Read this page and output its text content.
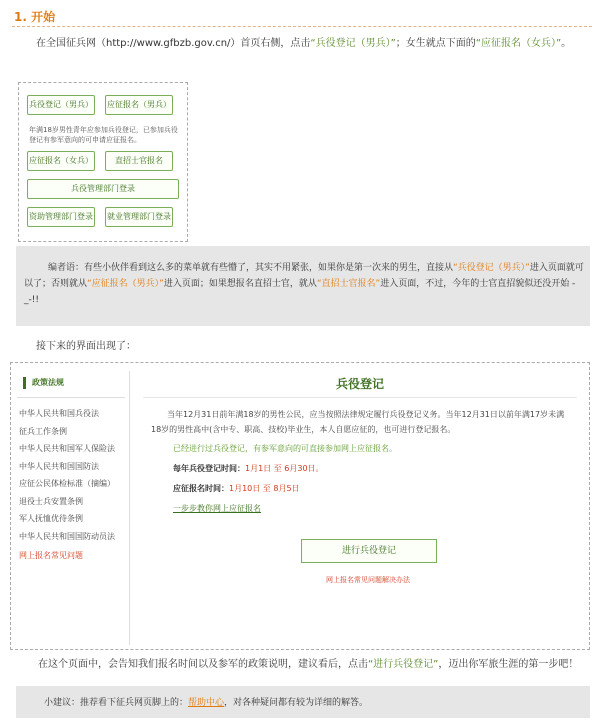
1. 开始
在全国征兵网（http://www.gfbzb.gov.cn/）首页右侧，点击“兵役登记（男兵）”；女生就点下面的“应征报名（女兵）”。
兵役登记（男兵） 应征报名（男兵）
年满18岁男性青年应参加兵役登记，已参加兵役登记有参军意向的可申请应征报名。
应征报名（女兵）	直招士官报名
兵役管理部门登录
资助管理部门登录 就业管理部门登录
编者语：有些小伙伴看到这么多的菜单就有些懵了，其实不用紧张，如果你是第一次来的男生，直接从“兵役登记（男兵）”进入页面就可以了；否则就从“应征报名（男兵）”进入页面；如果想报名直招士官，就从“直招士官报名”进入页面，不过，今年的士官直招貌似还没开始 -_-!!
接下来的界面出现了：
政策法规
中华人民共和国兵役法
征兵工作条例
中华人民共和国军人保险法
中华人民共和国国防法
应征公民体检标准（摘编）
退役士兵安置条例
军人抚恤优待条例
中华人民共和国国防动员法
网上报名常见问题
兵役登记
当年12月31日前年满18岁的男性公民，应当按照法律规定履行兵役登记义务。当年12月31日以前年满17岁未满18岁的男性高中(含中专、职高、技校)毕业生，本人自愿应征的，也可进行登记报名。
已经进行过兵役登记，有参军意向的可直接参加网上应征报名。
每年兵役登记时间：1月1日 至 6月30日。
应征报名时间：1月10日 至 8月5日
一步步教你网上应征报名
进行兵役登记
网上报名常见问题解决办法
在这个页面中，会告知我们报名时间以及参军的政策说明，建议看后，点击“进行兵役登记”，迈出你军旅生涯的第一步吧！
小建议：推荐看下征兵网页脚上的：帮助中心，对各种疑问都有较为详细的解答。
